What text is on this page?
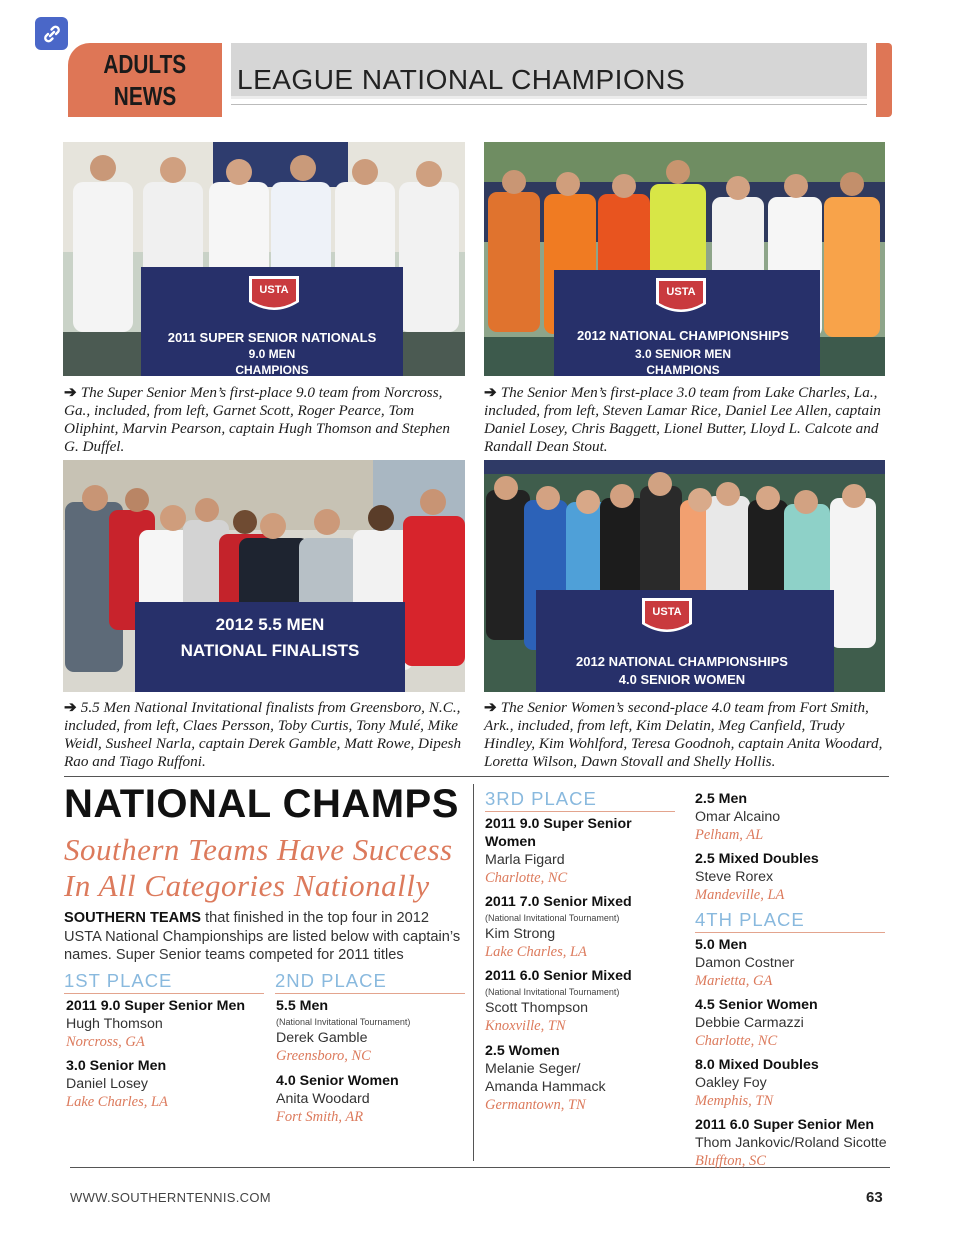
ADULTS
NEWS
LEAGUE NATIONAL CHAMPIONS
USTA
2011 SUPER SENIOR NATIONALS
9.0 MEN
CHAMPIONS
➔ The Super Senior Men’s first-place 9.0 team from Norcross, Ga., included, from left, Garnet Scott, Roger Pearce, Tom Oliphint, Marvin Pearson, captain Hugh Thomson and Stephen G. Duffel.
USTA
2012 NATIONAL CHAMPIONSHIPS
3.0 SENIOR MEN
CHAMPIONS
➔ The Senior Men’s first-place 3.0 team from Lake Charles, La., included, from left, Steven Lamar Rice, Daniel Lee Allen, captain Daniel Losey, Chris Baggett, Lionel Butter, Lloyd L. Calcote and Randall Dean Stout.
2012 5.5 MEN
NATIONAL FINALISTS
➔ 5.5 Men National Invitational finalists from Greensboro, N.C., included, from left, Claes Persson, Toby Curtis, Tony Mulé, Mike Weidl, Susheel Narla, captain Derek Gamble, Matt Rowe, Dipesh Rao and Tiago Ruffoni.
USTA
2012 NATIONAL CHAMPIONSHIPS
4.0 SENIOR WOMEN
➔ The Senior Women’s second-place 4.0 team from Fort Smith, Ark., included, from left, Kim Delatin, Meg Canfield, Trudy Hindley, Kim Wohlford, Teresa Goodnoh, captain Anita Woodard, Loretta Wilson, Dawn Stovall and Shelly Hollis.
NATIONAL CHAMPS
Southern Teams Have Success In All Categories Nationally
SOUTHERN TEAMS that finished in the top four in 2012 USTA National Championships are listed below with captain’s names. Super Senior teams competed for 2011 titles
1ST PLACE
2011 9.0 Super Senior Men
Hugh Thomson
Norcross, GA
3.0 Senior Men
Daniel Losey
Lake Charles, LA
2ND PLACE
5.5 Men
(National Invitational Tournament)
Derek Gamble
Greensboro, NC
4.0 Senior Women
Anita Woodard
Fort Smith, AR
3RD PLACE
2011 9.0 Super Senior
Women
Marla Figard
Charlotte, NC
2011 7.0 Senior Mixed
(National Invitational Tournament)
Kim Strong
Lake Charles, LA
2011 6.0 Senior Mixed
(National Invitational Tournament)
Scott Thompson
Knoxville, TN
2.5 Women
Melanie Seger/
Amanda Hammack
Germantown, TN
2.5 Men
Omar Alcaino
Pelham, AL
2.5 Mixed Doubles
Steve Rorex
Mandeville, LA
4TH PLACE
5.0 Men
Damon Costner
Marietta, GA
4.5 Senior Women
Debbie Carmazzi
Charlotte, NC
8.0 Mixed Doubles
Oakley Foy
Memphis, TN
2011 6.0 Super Senior Men
Thom Jankovic/Roland Sicotte
Bluffton, SC
WWW.SOUTHERNTENNIS.COM	63
